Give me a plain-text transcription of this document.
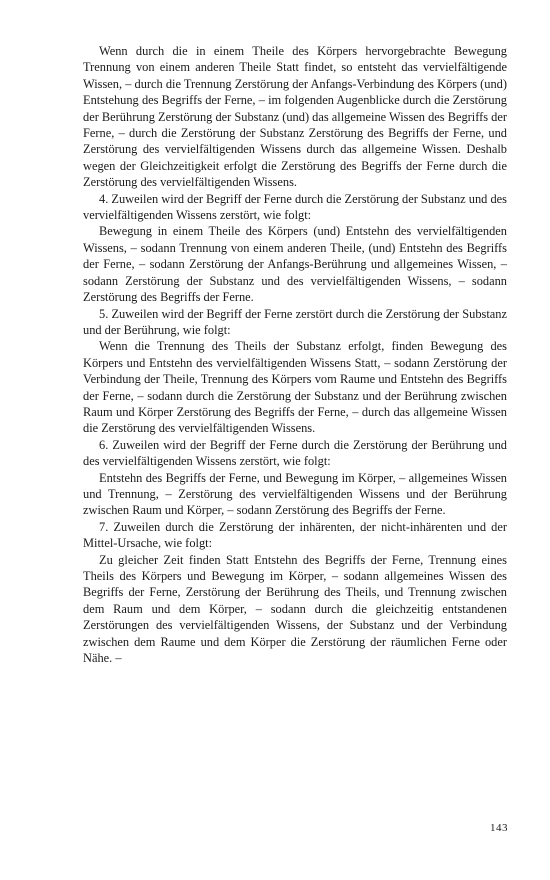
Wenn durch die in einem Theile des Körpers hervorgebrachte Bewegung Trennung von einem anderen Theile Statt findet, so entsteht das vervielfältigende Wissen, – durch die Trennung Zerstörung der Anfangs-Verbindung des Körpers (und) Entstehung des Begriffs der Ferne, – im folgenden Augenblicke durch die Zerstörung der Berührung Zerstörung der Substanz (und) das allgemeine Wissen des Begriffs der Ferne, – durch die Zerstörung der Substanz Zerstörung des Begriffs der Ferne, und Zerstörung des vervielfältigenden Wissens durch das allgemeine Wissen. Deshalb wegen der Gleichzeitigkeit erfolgt die Zerstörung des Begriffs der Ferne durch die Zerstörung des vervielfältigenden Wissens.

4. Zuweilen wird der Begriff der Ferne durch die Zerstörung der Substanz und des vervielfältigenden Wissens zerstört, wie folgt:

Bewegung in einem Theile des Körpers (und) Entstehn des vervielfältigenden Wissens, – sodann Trennung von einem anderen Theile, (und) Entstehn des Begriffs der Ferne, – sodann Zerstörung der Anfangs-Berührung und allgemeines Wissen, – sodann Zerstörung der Substanz und des vervielfältigenden Wissens, – sodann Zerstörung des Begriffs der Ferne.

5. Zuweilen wird der Begriff der Ferne zerstört durch die Zerstörung der Substanz und der Berührung, wie folgt:

Wenn die Trennung des Theils der Substanz erfolgt, finden Bewegung des Körpers und Entstehn des vervielfältigenden Wissens Statt, – sodann Zerstörung der Verbindung der Theile, Trennung des Körpers vom Raume und Entstehn des Begriffs der Ferne, – sodann durch die Zerstörung der Substanz und der Berührung zwischen Raum und Körper Zerstörung des Begriffs der Ferne, – durch das allgemeine Wissen die Zerstörung des vervielfältigenden Wissens.

6. Zuweilen wird der Begriff der Ferne durch die Zerstörung der Berührung und des vervielfältigenden Wissens zerstört, wie folgt:

Entstehn des Begriffs der Ferne, und Bewegung im Körper, – allgemeines Wissen und Trennung, – Zerstörung des vervielfältigenden Wissens und der Berührung zwischen Raum und Körper, – sodann Zerstörung des Begriffs der Ferne.

7. Zuweilen durch die Zerstörung der inhärenten, der nicht-inhärenten und der Mittel-Ursache, wie folgt:

Zu gleicher Zeit finden Statt Entstehn des Begriffs der Ferne, Trennung eines Theils des Körpers und Bewegung im Körper, – sodann allgemeines Wissen des Begriffs der Ferne, Zerstörung der Berührung des Theils, und Trennung zwischen dem Raum und dem Körper, – sodann durch die gleichzeitig entstandenen Zerstörungen des vervielfältigenden Wissens, der Substanz und der Verbindung zwischen dem Raume und dem Körper die Zerstörung der räumlichen Ferne oder Nähe. –

143
